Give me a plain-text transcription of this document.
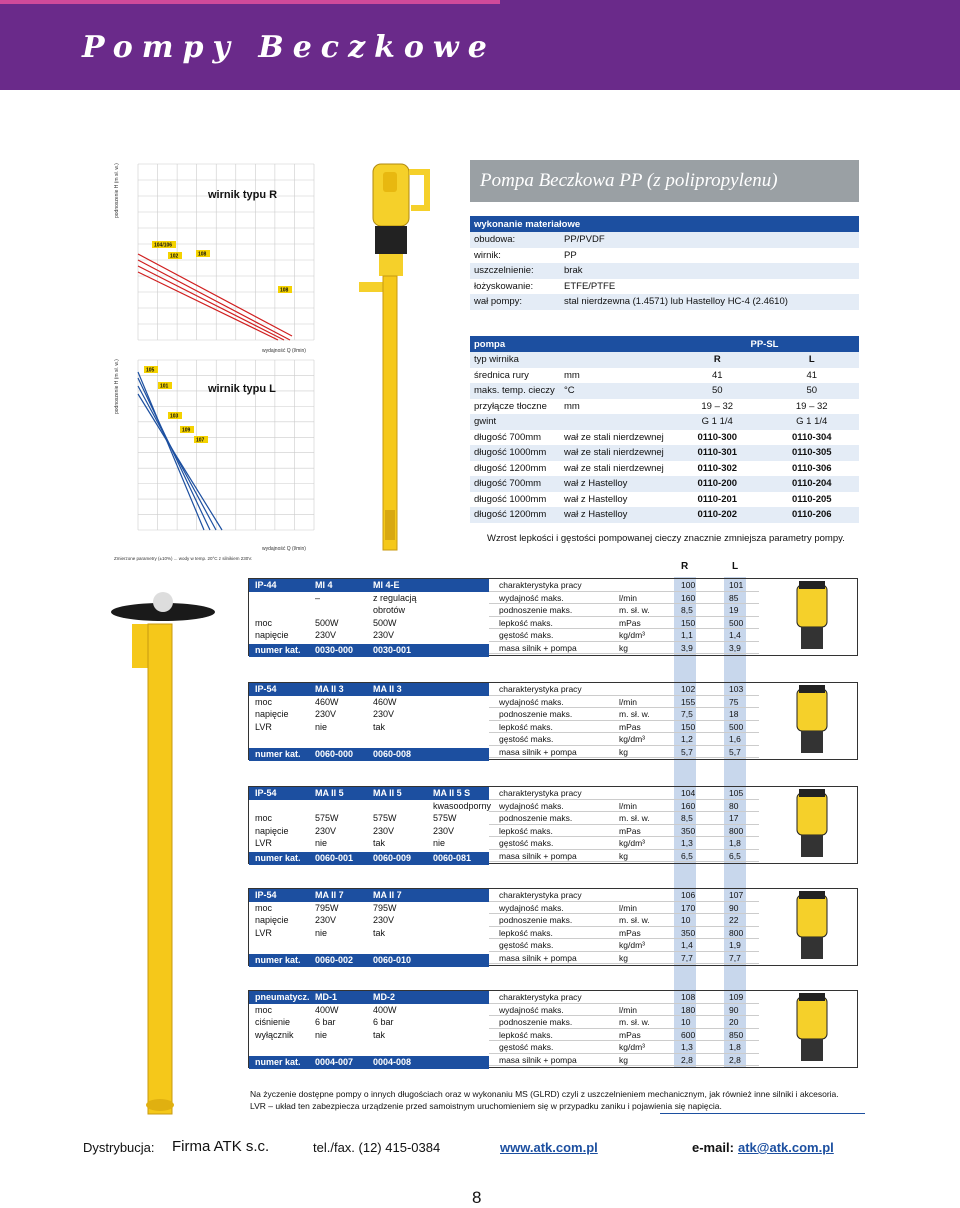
Pompy Beczkowe
wirnik typu R
podnoszenie H (m sł. w.)
wydajność Q (l/min)
104/106
102	108
108
wirnik typu L
podnoszenie H (m sł. w.)
wydajność Q (l/min)
Zmierzone parametry (±10%) ... wody w temp. 20°C z silnikiem 230V.
105
101
103
109
107
Pompa Beczkowa PP (z polipropylenu)
wykonanie materiałowe	
obudowa:	PP/PVDF
wirnik:	PP
uszczelnienie:	brak
łożyskowanie:	ETFE/PTFE
wał pompy:	stal nierdzewna (1.4571) lub Hastelloy HC-4 (2.4610)
pompa		PP-SL	
typ wirnika		R	L
średnica rury	mm	41	41
maks. temp. cieczy	°C	50	50
przyłącze tłoczne	mm	19 – 32	19 – 32
gwint		G 1 1/4	G 1 1/4
długość 700mm	wał ze stali nierdzewnej	0110-300	0110-304
długość 1000mm	wał ze stali nierdzewnej	0110-301	0110-305
długość 1200mm	wał ze stali nierdzewnej	0110-302	0110-306
długość 700mm	wał z Hastelloy	0110-200	0110-204
długość 1000mm	wał z Hastelloy	0110-201	0110-205
długość 1200mm	wał z Hastelloy	0110-202	0110-206
Wzrost lepkości i gęstości pompowanej cieczy znacznie zmniejsza parametry pompy.
R	L
IP-44	MI 4	MI 4-E
–	z regulacją
obrotów
moc	500W	500W
napięcie	230V	230V
numer kat. 0030-000 0030-001
charakterystyka pracy	100	101
wydajność maks.	l/min	160	85
podnoszenie maks.	m. sł. w.	8,5	19
lepkość maks.	mPas	150	500
gęstość maks.	kg/dm³	1,1	1,4
masa silnik + pompa	kg	3,9	3,9
IP-54	MA II 3	MA II 3
moc	460W	460W
napięcie	230V	230V
LVR	nie	tak
numer kat. 0060-000 0060-008
charakterystyka pracy	102	103
wydajność maks.	l/min	155	75
podnoszenie maks.	m. sł. w.	7,5	18
lepkość maks.	mPas	150	500
gęstość maks.	kg/dm³	1,2	1,6
masa silnik + pompa	kg	5,7	5,7
IP-54	MA II 5	MA II 5	MA II 5 S
kwasoodporny
moc	575W	575W	575W
napięcie	230V	230V	230V
LVR	nie	tak	nie
numer kat. 0060-001 0060-009 0060-081
charakterystyka pracy	104	105
wydajność maks.	l/min	160	80
podnoszenie maks.	m. sł. w.	8,5	17
lepkość maks.	mPas	350	800
gęstość maks.	kg/dm³	1,3	1,8
masa silnik + pompa	kg	6,5	6,5
IP-54	MA II 7	MA II 7
moc	795W	795W
napięcie	230V	230V
LVR	nie	tak
numer kat. 0060-002 0060-010
charakterystyka pracy	106	107
wydajność maks.	l/min	170	90
podnoszenie maks.	m. sł. w.	10	22
lepkość maks.	mPas	350	800
gęstość maks.	kg/dm³	1,4	1,9
masa silnik + pompa	kg	7,7	7,7
pneumatycz. MD-1	MD-2
moc	400W	400W
ciśnienie	6 bar	6 bar
wyłącznik nie	tak
numer kat. 0004-007 0004-008
charakterystyka pracy	108	109
wydajność maks.	l/min	180	90
podnoszenie maks.	m. sł. w.	10	20
lepkość maks.	mPas	600	850
gęstość maks.	kg/dm³	1,3	1,8
masa silnik + pompa	kg	2,8	2,8
Na życzenie dostępne pompy o innych długościach oraz w wykonaniu MS (GLRD) czyli z uszczelnieniem mechanicznym, jak również inne silniki i akcesoria.
LVR – układ ten zabezpiecza urządzenie przed samoistnym uruchomieniem się w przypadku zaniku i pojawienia się napięcia.
Dystrybucja: Firma ATK s.c.	tel./fax. (12) 415-0384	www.atk.com.pl	e-mail: atk@atk.com.pl
8
